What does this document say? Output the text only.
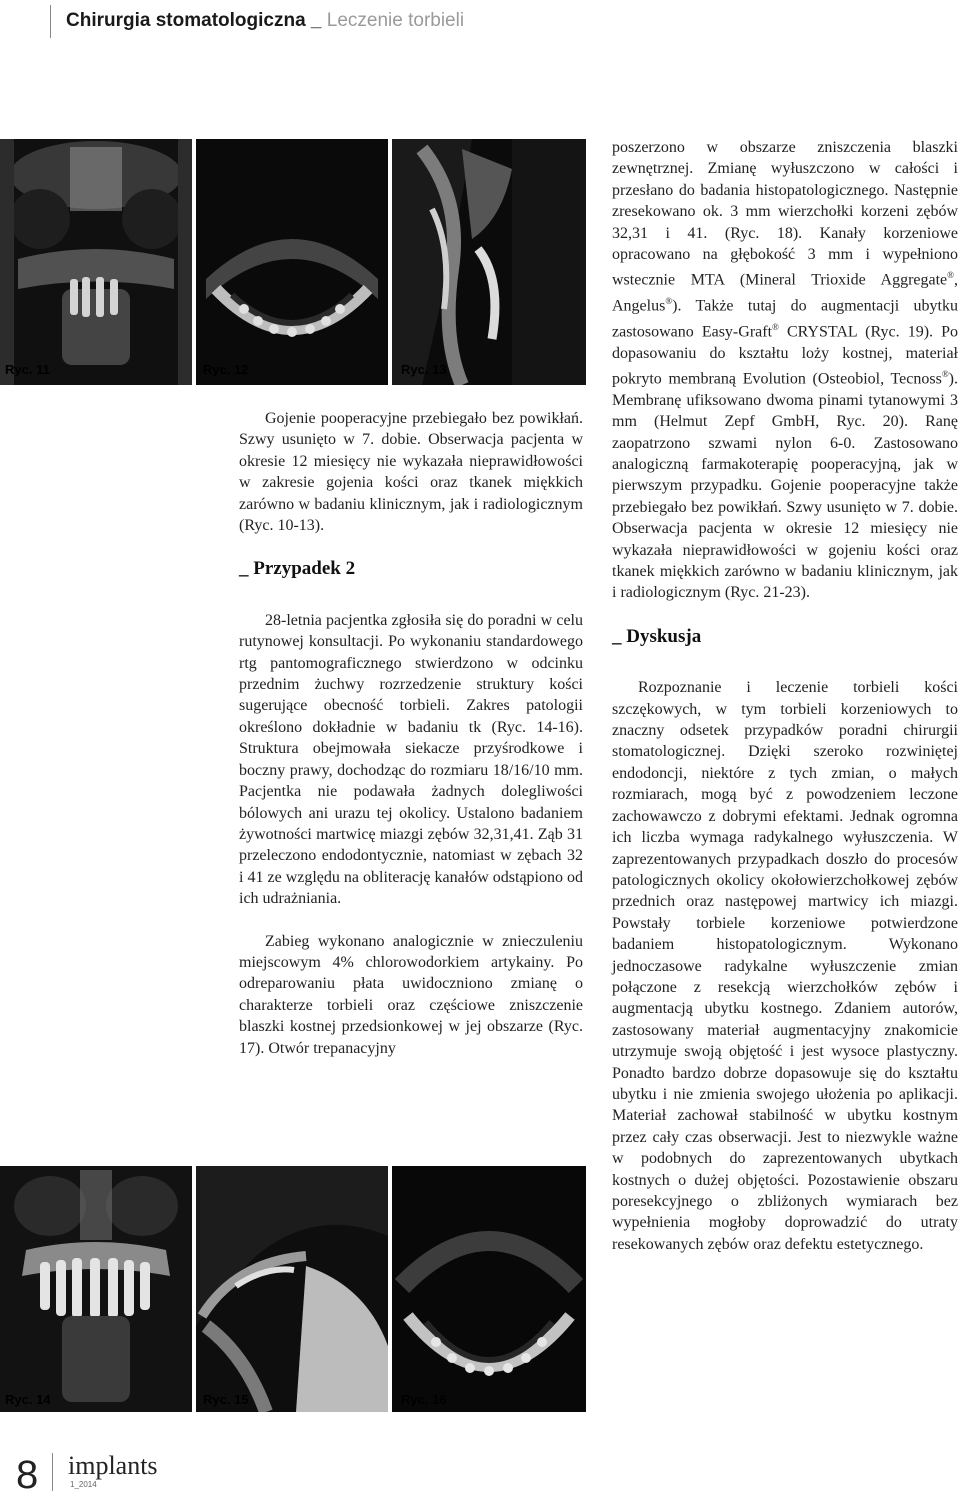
Chirurgia stomatologiczna _ Leczenie torbieli
Ryc. 11	Ryc. 12	Ryc. 13
Ryc. 14	Ryc. 15	Ryc. 16

Gojenie pooperacyjne przebiegało bez powikłań. Szwy usunięto w 7. dobie. Obserwacja pacjenta w okresie 12 miesięcy nie wykazała nieprawidłowości w zakresie gojenia kości oraz tkanek miękkich zarówno w badaniu klinicznym, jak i radiologicznym (Ryc. 10-13).

_ Przypadek 2

28-letnia pacjentka zgłosiła się do poradni w celu rutynowej konsultacji. Po wykonaniu standardowego rtg pantomograficznego stwierdzono w odcinku przednim żuchwy rozrzedzenie struktury kości sugerujące obecność torbieli. Zakres patologii określono dokładnie w badaniu tk (Ryc. 14-16). Struktura obejmowała siekacze przyśrodkowe i boczny prawy, dochodząc do rozmiaru 18/16/10 mm. Pacjentka nie podawała żadnych dolegliwości bólowych ani urazu tej okolicy. Ustalono badaniem żywotności martwicę miazgi zębów 32,31,41. Ząb 31 przeleczono endodontycznie, natomiast w zębach 32 i 41 ze względu na obliterację kanałów odstąpiono od ich udrażniania.

Zabieg wykonano analogicznie w znieczuleniu miejscowym 4% chlorowodorkiem artykainy. Po odreparowaniu płata uwidoczniono zmianę o charakterze torbieli oraz częściowe zniszczenie blaszki kostnej przedsionkowej w jej obszarze (Ryc. 17). Otwór trepanacyjny

poszerzono w obszarze zniszczenia blaszki zewnętrznej. Zmianę wyłuszczono w całości i przesłano do badania histopatologicznego. Następnie zresekowano ok. 3 mm wierzchołki korzeni zębów 32,31 i 41. (Ryc. 18). Kanały korzeniowe opracowano na głębokość 3 mm i wypełniono wstecznie MTA (Mineral Trioxide Aggregate®, Angelus®). Także tutaj do augmentacji ubytku zastosowano Easy-Graft® CRYSTAL (Ryc. 19). Po dopasowaniu do kształtu loży kostnej, materiał pokryto membraną Evolution (Osteobiol, Tecnoss®). Membranę ufiksowano dwoma pinami tytanowymi 3 mm (Helmut Zepf GmbH, Ryc. 20). Ranę zaopatrzono szwami nylon 6-0. Zastosowano analogiczną farmakoterapię pooperacyjną, jak w pierwszym przypadku. Gojenie pooperacyjne także przebiegało bez powikłań. Szwy usunięto w 7. dobie. Obserwacja pacjenta w okresie 12 miesięcy nie wykazała nieprawidłowości w gojeniu kości oraz tkanek miękkich zarówno w badaniu klinicznym, jak i radiologicznym (Ryc. 21-23).

_ Dyskusja

Rozpoznanie i leczenie torbieli kości szczękowych, w tym torbieli korzeniowych to znaczny odsetek przypadków poradni chirurgii stomatologicznej. Dzięki szeroko rozwiniętej endodoncji, niektóre z tych zmian, o małych rozmiarach, mogą być z powodzeniem leczone zachowawczo z dobrymi efektami. Jednak ogromna ich liczba wymaga radykalnego wyłuszczenia. W zaprezentowanych przypadkach doszło do procesów patologicznych okolicy okołowierzchołkowej zębów przednich oraz następowej martwicy ich miazgi. Powstały torbiele korzeniowe potwierdzone badaniem histopatologicznym. Wykonano jednoczasowe radykalne wyłuszczenie zmian połączone z resekcją wierzchołków zębów i augmentacją ubytku kostnego. Zdaniem autorów, zastosowany materiał augmentacyjny znakomicie utrzymuje swoją objętość i jest wysoce plastyczny. Ponadto bardzo dobrze dopasowuje się do kształtu ubytku i nie zmienia swojego ułożenia po aplikacji. Materiał zachował stabilność w ubytku kostnym przez cały czas obserwacji. Jest to niezwykle ważne w podobnych do zaprezentowanych ubytkach kostnych o dużej objętości. Pozostawienie obszaru poresekcyjnego o zbliżonych wymiarach bez wypełnienia mogłoby doprowadzić do utraty resekowanych zębów oraz defektu estetycznego.

8 implants
1_2014
